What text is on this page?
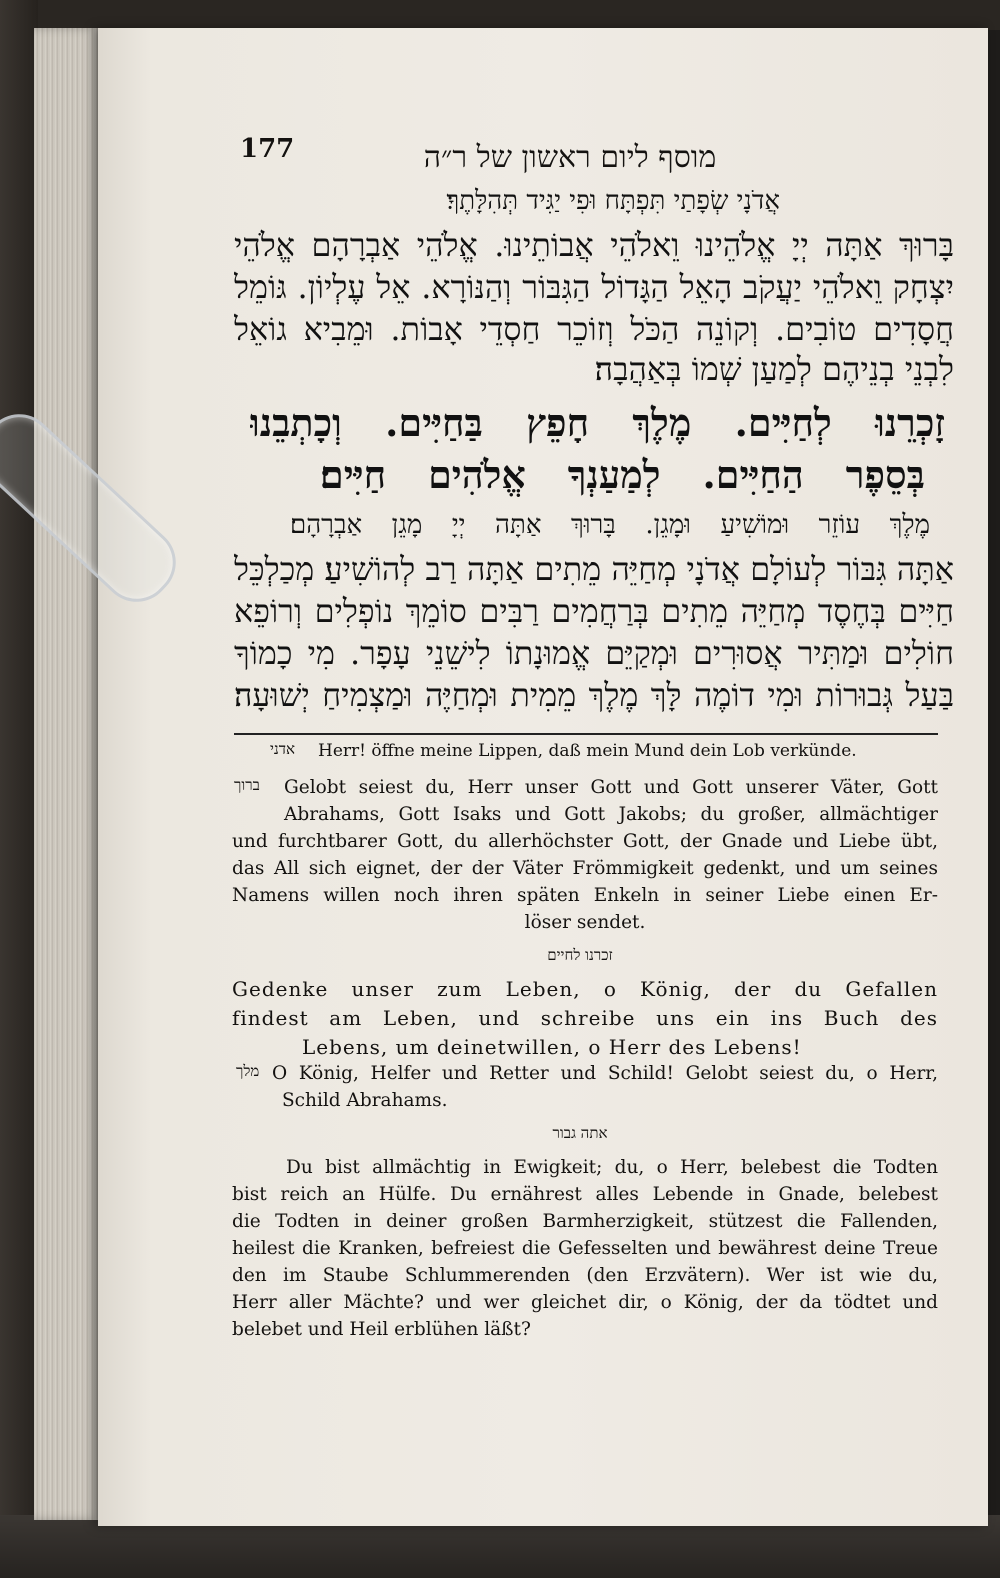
177	מוסף ליום ראשון של ר״ה
אֲדֹנָי שְׂפָתַי תִּפְתָּח וּפִי יַגִּיד תְּהִלָּתֶךָ׃
בָּרוּךְ אַתָּה יְיָ אֱלֹהֵינוּ וֵאלֹהֵי אֲבוֹתֵינוּ. אֱלֹהֵי אַבְרָהָם אֱלֹהֵי
יִצְחָק וֵאלֹהֵי יַעֲקֹב הָאֵל הַגָּדוֹל הַגִּבּוֹר וְהַנּוֹרָא. אֵל עֶלְיוֹן. גּוֹמֵל
חֲסָדִים טוֹבִים. וְקוֹנֵה הַכֹּל וְזוֹכֵר חַסְדֵי אָבוֹת. וּמֵבִיא גוֹאֵל
לִבְנֵי בְנֵיהֶם לְמַעַן שְׁמוֹ בְּאַהֲבָה׃
זָכְרֵנוּ לְחַיִּים. מֶלֶךְ חָפֵץ בַּחַיִּים. וְכָתְבֵנוּ
בְּסֵפֶר הַחַיִּים. לְמַעַנְךָ אֱלֹהִים חַיִּים׃
מֶלֶךְ עוֹזֵר וּמוֹשִׁיעַ וּמָגֵן. בָּרוּךְ אַתָּה יְיָ מָגֵן אַבְרָהָם׃
אַתָּה גִּבּוֹר לְעוֹלָם אֲדֹנָי מְחַיֵּה מֵתִים אַתָּה רַב לְהוֹשִׁיעַ׃ מְכַלְכֵּל
חַיִּים בְּחֶסֶד מְחַיֵּה מֵתִים בְּרַחֲמִים רַבִּים סוֹמֵךְ נוֹפְלִים וְרוֹפֵא
חוֹלִים וּמַתִּיר אֲסוּרִים וּמְקַיֵּם אֱמוּנָתוֹ לִישֵׁנֵי עָפָר. מִי כָמוֹךָ
בַּעַל גְּבוּרוֹת וּמִי דוֹמֶה לָּךְ מֶלֶךְ מֵמִית וּמְחַיֶּה וּמַצְמִיחַ יְשׁוּעָה׃
אדני Herr! öffne meine Lippen, daß mein Mund dein Lob verkünde.
ברוך Gelobt seiest du, Herr unser Gott und Gott unserer Väter, Gott
Abrahams, Gott Isaks und Gott Jakobs; du großer, allmächtiger
und furchtbarer Gott, du allerhöchster Gott, der Gnade und Liebe übt,
das All sich eignet, der der Väter Frömmigkeit gedenkt, und um seines
Namens willen noch ihren späten Enkeln in seiner Liebe einen Er-
löser sendet.
זכרנו לחיים
Gedenke unser zum Leben, o König, der du Gefallen
findest am Leben, und schreibe uns ein ins Buch des
Lebens, um deinetwillen, o Herr des Lebens!
מלך O König, Helfer und Retter und Schild! Gelobt seiest du, o Herr,
Schild Abrahams.
אתה גבור
Du bist allmächtig in Ewigkeit; du, o Herr, belebest die Todten
bist reich an Hülfe. Du ernährest alles Lebende in Gnade, belebest
die Todten in deiner großen Barmherzigkeit, stützest die Fallenden,
heilest die Kranken, befreiest die Gefesselten und bewährest deine Treue
den im Staube Schlummerenden (den Erzvätern). Wer ist wie du,
Herr aller Mächte? und wer gleichet dir, o König, der da tödtet und
belebet und Heil erblühen läßt?
